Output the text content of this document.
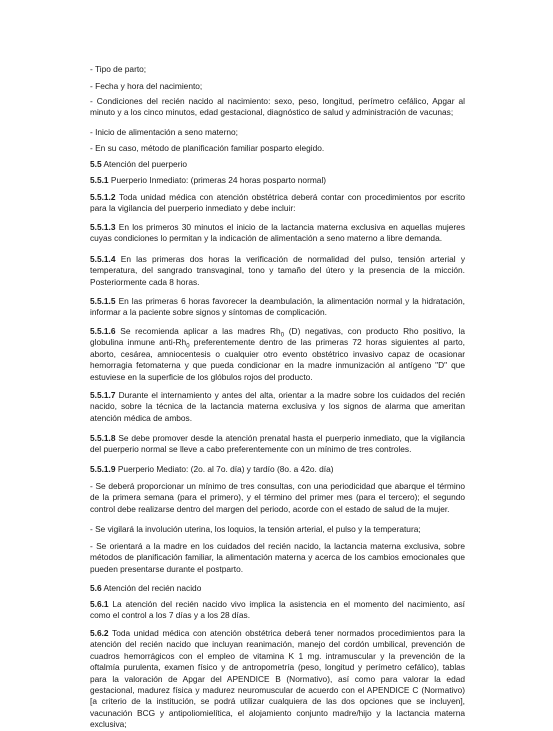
- Tipo de parto;

- Fecha y hora del nacimiento;

- Condiciones del recién nacido al nacimiento: sexo, peso, longitud, perímetro cefálico, Apgar al minuto y a los cinco minutos, edad gestacional, diagnóstico de salud y administración de vacunas;

- Inicio de alimentación a seno materno;

- En su caso, método de planificación familiar posparto elegido.

5.5 Atención del puerperio

5.5.1 Puerperio Inmediato: (primeras 24 horas posparto normal)

5.5.1.2 Toda unidad médica con atención obstétrica deberá contar con procedimientos por escrito para la vigilancia del puerperio inmediato y debe incluir:

5.5.1.3 En los primeros 30 minutos el inicio de la lactancia materna exclusiva en aquellas mujeres cuyas condiciones lo permitan y la indicación de alimentación a seno materno a libre demanda.

5.5.1.4 En las primeras dos horas la verificación de normalidad del pulso, tensión arterial y temperatura, del sangrado transvaginal, tono y tamaño del útero y la presencia de la micción. Posteriormente cada 8 horas.

5.5.1.5 En las primeras 6 horas favorecer la deambulación, la alimentación normal y la hidratación, informar a la paciente sobre signos y síntomas de complicación.

5.5.1.6 Se recomienda aplicar a las madres $Rh_0$ (D) negativas, con producto Rho positivo, la globulina inmune anti-$Rh_0$ preferentemente dentro de las primeras 72 horas siguientes al parto, aborto, cesárea, amniocentesis o cualquier otro evento obstétrico invasivo capaz de ocasionar hemorragia fetomaterna y que pueda condicionar en la madre inmunización al antígeno "D" que estuviese en la superficie de los glóbulos rojos del producto.

5.5.1.7 Durante el internamiento y antes del alta, orientar a la madre sobre los cuidados del recién nacido, sobre la técnica de la lactancia materna exclusiva y los signos de alarma que ameritan atención médica de ambos.

5.5.1.8 Se debe promover desde la atención prenatal hasta el puerperio inmediato, que la vigilancia del puerperio normal se lleve a cabo preferentemente con un mínimo de tres controles.

5.5.1.9 Puerperio Mediato: (2o. al 7o. día) y tardío (8o. a 42o. día)

- Se deberá proporcionar un mínimo de tres consultas, con una periodicidad que abarque el término de la primera semana (para el primero), y el término del primer mes (para el tercero); el segundo control debe realizarse dentro del margen del periodo, acorde con el estado de salud de la mujer.

- Se vigilará la involución uterina, los loquios, la tensión arterial, el pulso y la temperatura;

- Se orientará a la madre en los cuidados del recién nacido, la lactancia materna exclusiva, sobre métodos de planificación familiar, la alimentación materna y acerca de los cambios emocionales que pueden presentarse durante el postparto.

5.6 Atención del recién nacido

5.6.1 La atención del recién nacido vivo implica la asistencia en el momento del nacimiento, así como el control a los 7 días y a los 28 días.

5.6.2 Toda unidad médica con atención obstétrica deberá tener normados procedimientos para la atención del recién nacido que incluyan reanimación, manejo del cordón umbilical, prevención de cuadros hemorrágicos con el empleo de vitamina K 1 mg. intramuscular y la prevención de la oftalmía purulenta, examen físico y de antropometría (peso, longitud y perímetro cefálico), tablas para la valoración de Apgar del APENDICE B (Normativo), así como para valorar la edad gestacional, madurez física y madurez neuromuscular de acuerdo con el APENDICE C (Normativo) [a criterio de la institución, se podrá utilizar cualquiera de las dos opciones que se incluyen], vacunación BCG y antipoliomielítica, el alojamiento conjunto madre/hijo y la lactancia materna exclusiva;
